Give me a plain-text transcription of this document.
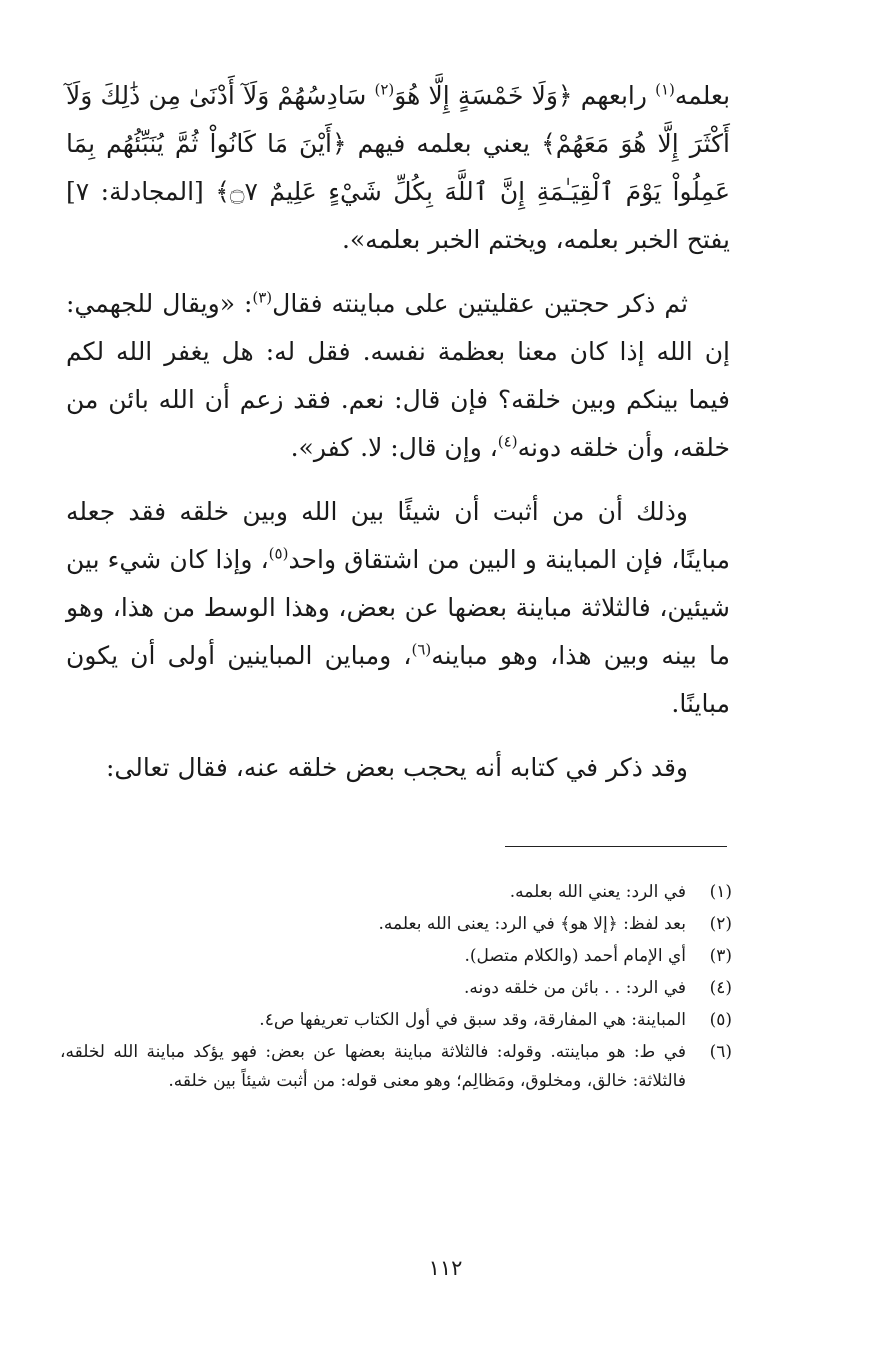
بعلمه$^{(١)}$ رابعهم ﴿وَلَا خَمْسَةٍ إِلَّا هُوَ$^{(٢)}$ سَادِسُهُمْ وَلَآ أَدْنَىٰ مِن ذَٰلِكَ وَلَآ أَكْثَرَ إِلَّا هُوَ مَعَهُمْ﴾ يعني بعلمه فيهم ﴿أَيْنَ مَا كَانُواْ ثُمَّ يُنَبِّئُهُم بِمَا عَمِلُواْ يَوْمَ ٱلْقِيَـٰمَةِ إِنَّ ٱللَّهَ بِكُلِّ شَيْءٍ عَلِيمٌ ۝٧﴾ [المجادلة: ٧] يفتح الخبر بعلمه، ويختم الخبر بعلمه».

ثم ذكر حجتين عقليتين على مباينته فقال$^{(٣)}$: «ويقال للجهمي: إن الله إذا كان معنا بعظمة نفسه. فقل له: هل يغفر الله لكم فيما بينكم وبين خلقه؟ فإن قال: نعم. فقد زعم أن الله بائن من خلقه، وأن خلقه دونه$^{(٤)}$، وإن قال: لا. كفر».

وذلك أن من أثبت أن شيئًا بين الله وبين خلقه فقد جعله مباينًا، فإن المباينة و البين من اشتقاق واحد$^{(٥)}$، وإذا كان شيء بين شيئين، فالثلاثة مباينة بعضها عن بعض، وهذا الوسط من هذا، وهو ما بينه وبين هذا، وهو مباينه$^{(٦)}$، ومباين المباينين أولى أن يكون مباينًا.

وقد ذكر في كتابه أنه يحجب بعض خلقه عنه، فقال تعالى:

(١)
في الرد: يعني الله بعلمه.
(٢)
بعد لفظ: ﴿إلا هو﴾ في الرد: يعنى الله بعلمه.
(٣)
أي الإمام أحمد (والكلام متصل).
(٤)
في الرد: . . بائن من خلقه دونه.
(٥)
المباينة: هي المفارقة، وقد سبق في أول الكتاب تعريفها ص٤.
(٦)
في ط: هو مباينته. وقوله: فالثلاثة مباينة بعضها عن بعض: فهو يؤكد مباينة الله لخلقه، فالثلاثة: خالق، ومخلوق، ومَظالِم؛ وهو معنى قوله: من أثبت شيئاً بين خلقه.
١١٢
